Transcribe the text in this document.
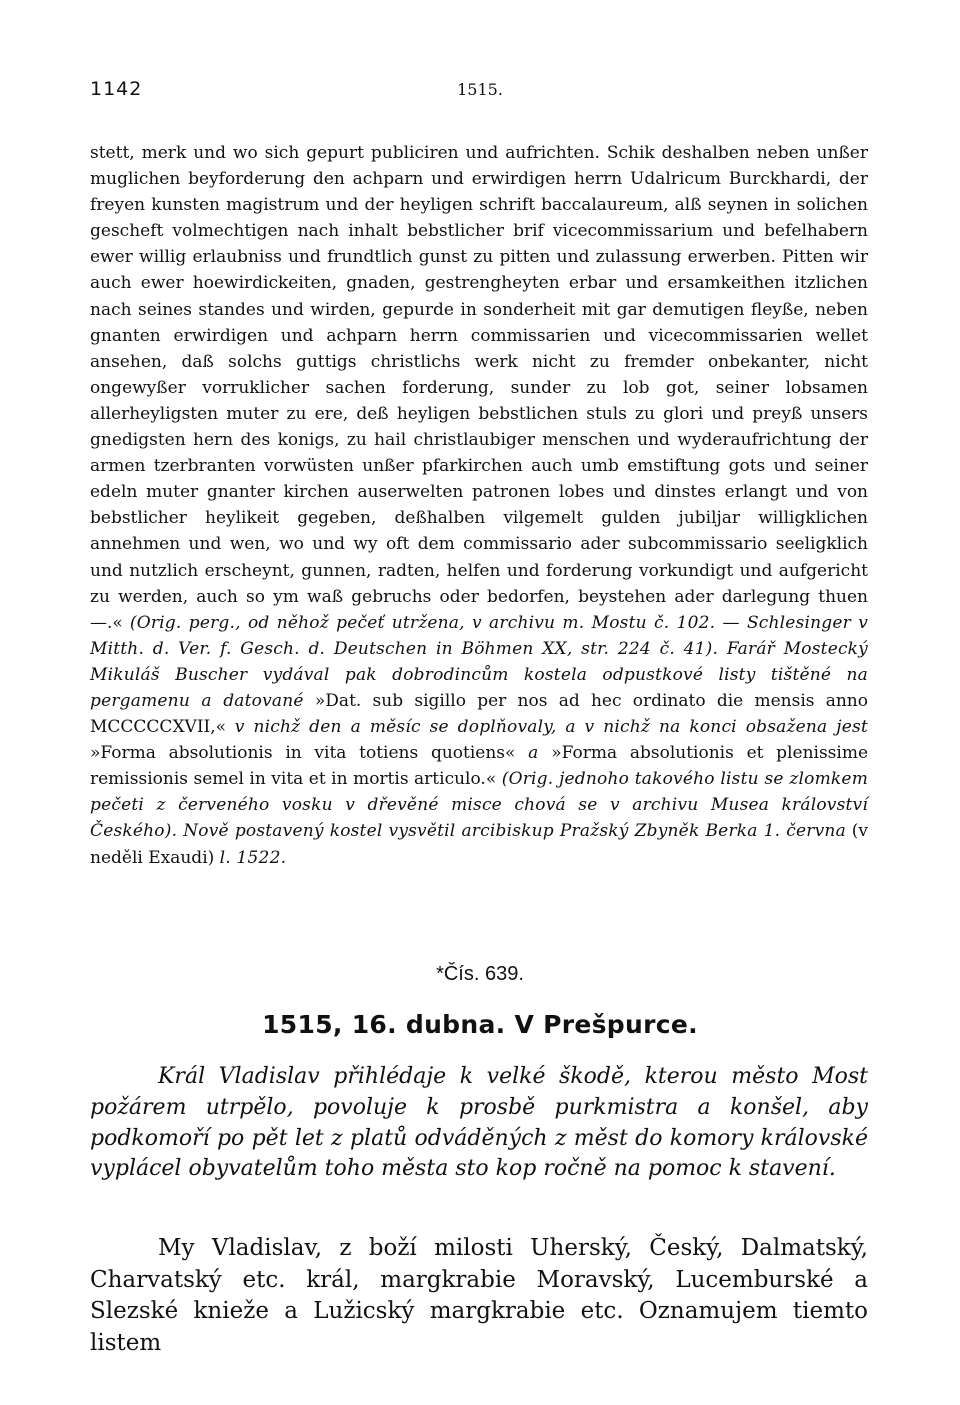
1142	1515.

stett, merk und wo sich gepurt publiciren und aufrichten. Schik deshalben neben unßer muglichen beyforderung den achparn und erwirdigen herrn Udalricum Burckhardi, der freyen kunsten magistrum und der heyligen schrift baccalaureum, alß seynen in solichen gescheft volmechtigen nach inhalt bebstlicher brif vicecommissarium und befelhabern ewer willig erlaubniss und frundtlich gunst zu pitten und zulassung erwerben. Pitten wir auch ewer hoewirdickeiten, gnaden, gestrengheyten erbar und ersamkeithen itzlichen nach seines standes und wirden, gepurde in sonderheit mit gar demutigen fleyße, neben gnanten erwirdigen und achparn herrn commissarien und vicecommissarien wellet ansehen, daß solchs guttigs christlichs werk nicht zu fremder onbekanter, nicht ongewyßer vorruklicher sachen forderung, sunder zu lob got, seiner lobsamen allerheyligsten muter zu ere, deß heyligen bebstlichen stuls zu glori und preyß unsers gnedigsten hern des konigs, zu hail christlaubiger menschen und wyderaufrichtung der armen tzerbranten vorwüsten unßer pfarkirchen auch umb emstiftung gots und seiner edeln muter gnanter kirchen auserwelten patronen lobes und dinstes erlangt und von bebstlicher heylikeit gegeben, deßhalben vilgemelt gulden jubiljar willigklichen annehmen und wen, wo und wy oft dem commissario ader subcommissario seeligklich und nutzlich erscheynt, gunnen, radten, helfen und forderung vorkundigt und aufgericht zu werden, auch so ym waß gebruchs oder bedorfen, beystehen ader darlegung thuen —.« (Orig. perg., od něhož pečeť utržena, v archivu m. Mostu č. 102. — Schlesinger v Mitth. d. Ver. f. Gesch. d. Deutschen in Böhmen XX, str. 224 č. 41). Farář Mostecký Mikuláš Buscher vydával pak dobrodincům kostela odpustkové listy tištěné na pergamenu a datované »Dat. sub sigillo per nos ad hec ordinato die mensis anno MCCCCCXVII,« v nichž den a měsíc se doplňovaly, a v nichž na konci obsažena jest »Forma absolutionis in vita totiens quotiens« a »Forma absolutionis et plenissime remissionis semel in vita et in mortis articulo.« (Orig. jednoho takového listu se zlomkem pečeti z červeného vosku v dřevěné misce chová se v archivu Musea království Českého). Nově postavený kostel vysvětil arcibiskup Pražský Zbyněk Berka 1. června (v neděli Exaudi) l. 1522.

*Čís. 639.
1515, 16. dubna. V Prešpurce.

Král Vladislav přihlédaje k velké škodě, kterou město Most požárem utrpělo, povoluje k prosbě purkmistra a konšel, aby podkomoří po pět let z platů odváděných z měst do komory královské vyplácel obyvatelům toho města sto kop ročně na pomoc k stavení.

My Vladislav, z boží milosti Uherský, Český, Dalmatský, Charvatský etc. král, margkrabie Moravský, Lucemburské a Slezské knieže a Lužicský margkrabie etc. Oznamujem tiemto listem
